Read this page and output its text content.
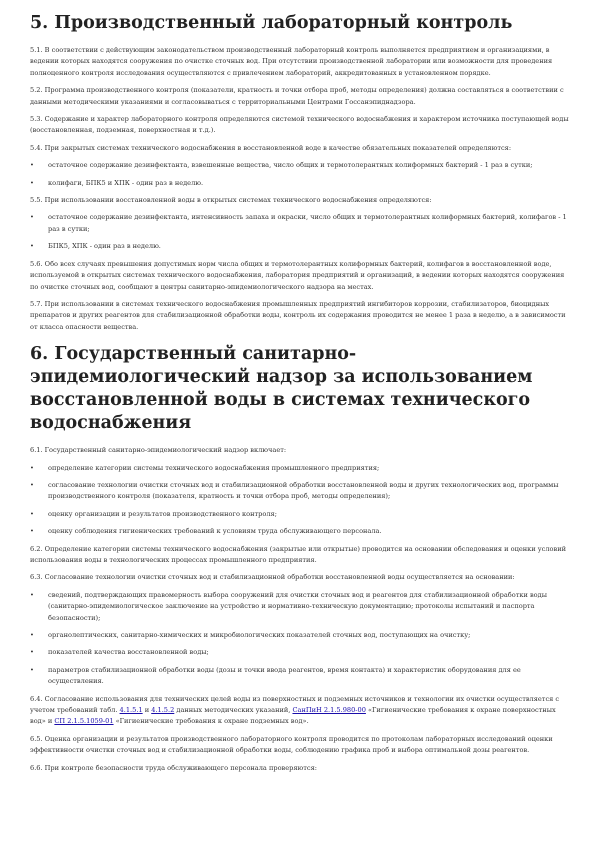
5. Производственный лабораторный контроль

5.1. В соответствии с действующим законодательством производственный лабораторный контроль выполняется предприятием и организациями, в ведении которых находятся сооружения по очистке сточных вод. При отсутствии производственной лаборатории или возможности для проведения полноценного контроля исследования осуществляются с привлечением лабораторий, аккредитованных в установленном порядке.

5.2. Программа производственного контроля (показатели, кратность и точки отбора проб, методы определения) должна составляться в соответствии с данными методическими указаниями и согласовываться с территориальными Центрами Госсанэпиднадзора.

5.3. Содержание и характер лабораторного контроля определяются системой технического водоснабжения и характером источника поступающей воды (восстановленная, подземная, поверхностная и т.д.).

5.4. При закрытых системах технического водоснабжения в восстановленной воде в качестве обязательных показателей определяются:

•	остаточное содержание дезинфектанта, взвешенные вещества, число общих и термотолерантных колиформных бактерий - 1 раз в сутки;

•	колифаги, БПК5 и ХПК - один раз в неделю.

5.5. При использовании восстановленной воды в открытых системах технического водоснабжения определяются:

•	остаточное содержание дезинфектанта, интенсивность запаха и окраски, число общих и термотолерантных колиформных бактерий, колифагов - 1 раз в сутки;

•	БПК5, ХПК - один раз в неделю.

5.6. Обо всех случаях превышения допустимых норм числа общих и термотолерантных колиформных бактерий, колифагов в восстановленной воде, используемой в открытых системах технического водоснабжения, лаборатория предприятий и организаций, в ведении которых находятся сооружения по очистке сточных вод, сообщают в центры санитарно-эпидемиологического надзора на местах.

5.7. При использовании в системах технического водоснабжения промышленных предприятий ингибиторов коррозии, стабилизаторов, биоцидных препаратов и других реагентов для стабилизационной обработки воды, контроль их содержания проводится не менее 1 раза в неделю, а в зависимости от класса опасности вещества.

6. Государственный санитарно-эпидемиологический надзор за использованием восстановленной воды в системах технического водоснабжения

6.1. Государственный санитарно-эпидемиологический надзор включает:

•	определение категории системы технического водоснабжения промышленного предприятия;

•	согласование технологии очистки сточных вод и стабилизационной обработки восстановленной воды и других технологических вод, программы производственного контроля (показателя, кратность и точки отбора проб, методы определения);

•	оценку организации и результатов производственного контроля;

•	оценку соблюдения гигиенических требований к условиям труда обслуживающего персонала.

6.2. Определение категории системы технического водоснабжения (закрытые или открытые) проводится на основании обследования и оценки условий использования воды в технологических процессах промышленного предприятия.

6.3. Согласование технологии очистки сточных вод и стабилизационной обработки восстановленной воды осуществляется на основании:

•	сведений, подтверждающих правомерность выбора сооружений для очистки сточных вод и реагентов для стабилизационной обработки воды (санитарно-эпидемиологическое заключение на устройство и нормативно-техническую документацию; протоколы испытаний и паспорта безопасности);

•	органолептических, санитарно-химических и микробиологических показателей сточных вод, поступающих на очистку;

•	показателей качества восстановленной воды;

•	параметров стабилизационной обработки воды (дозы и точки ввода реагентов, время контакта) и характеристик оборудования для ее осуществления.

6.4. Согласование использования для технических целей воды из поверхностных и подземных источников и технологии их очистки осуществляется с учетом требований табл. 4.1.5.1 и 4.1.5.2 данных методических указаний, СанПиН 2.1.5.980-00 «Гигиенические требования к охране поверхностных вод» и СП 2.1.5.1059-01 «Гигиенические требования к охране подземных вод».

6.5. Оценка организации и результатов производственного лабораторного контроля проводится по протоколам лабораторных исследований оценки эффективности очистки сточных вод и стабилизационной обработки воды, соблюдению графика проб и выбора оптимальной дозы реагентов.

6.6. При контроле безопасности труда обслуживающего персонала проверяются:
